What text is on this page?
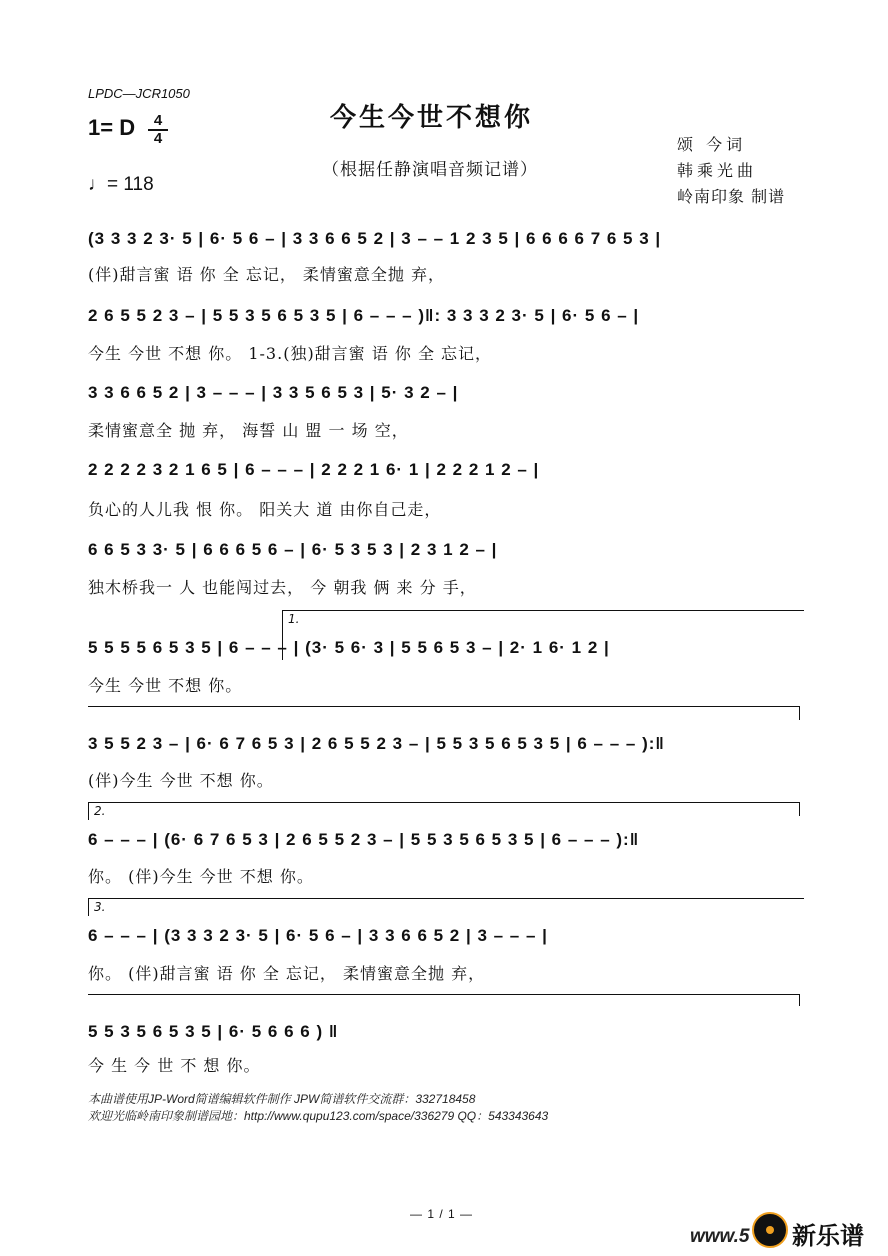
LPDC—JCR1050
今生今世不想你
（根据任静演唱音频记谱）
1= D $\frac{4}{4}$
♩= 118
颂 今词
韩乘光曲
岭南印象 制谱
(3 3 3 2 3· 5 | 6· 5 6 – | 3 3 6 6 5 2 | 3 – – 1 2 3 5 | 6 6 6 6 7 6 5 3 |
(伴)甜言蜜 语 你 全 忘记， 柔情蜜意全抛 弃，
2 6 5 5 2 3 – | 5 5 3 5 6 5 3 5 | 6 – – – )‖: 3 3 3 2 3· 5 | 6· 5 6 – |
今生 今世 不想 你。 1-3.(独)甜言蜜 语 你 全 忘记，
3 3 6 6 5 2 | 3 – – – | 3 3 5 6 5 3 | 5· 3 2 – |
柔情蜜意全 抛 弃， 海誓 山 盟 一 场 空，
2 2 2 2 3 2 1 6 5 | 6 – – – | 2 2 2 1 6· 1 | 2 2 2 1 2 – |
负心的人儿我 恨 你。 阳关大 道 由你自己走，
6 6 5 3 3· 5 | 6 6 6 5 6 – | 6· 5 3 5 3 | 2 3 1 2 – |
独木桥我一 人 也能闯过去， 今 朝我 俩 来 分 手，
1.
5 5 5 5 6 5 3 5 | 6 – – – | (3· 5 6· 3 | 5 5 6 5 3 – | 2· 1 6· 1 2 |
今生 今世 不想 你。
3 5 5 2 3 – | 6· 6 7 6 5 3 | 2 6 5 5 2 3 – | 5 5 3 5 6 5 3 5 | 6 – – – ):‖
(伴)今生 今世 不想 你。
2.
6 – – – | (6· 6 7 6 5 3 | 2 6 5 5 2 3 – | 5 5 3 5 6 5 3 5 | 6 – – – ):‖
你。 (伴)今生 今世 不想 你。
3.
6 – – – | (3 3 3 2 3· 5 | 6· 5 6 – | 3 3 6 6 5 2 | 3 – – – |
你。 (伴)甜言蜜 语 你 全 忘记， 柔情蜜意全抛 弃，
5 5 3 5 6 5 3 5 | 6· 5 6 6 6 ) ‖
今 生 今 世 不 想 你。
本曲谱使用JP-Word简谱编辑软件制作 JPW简谱软件交流群：332718458
欢迎光临岭南印象制谱园地：http://www.qupu123.com/space/336279 QQ：543343643
— 1 / 1 —
www.5 新乐谱
